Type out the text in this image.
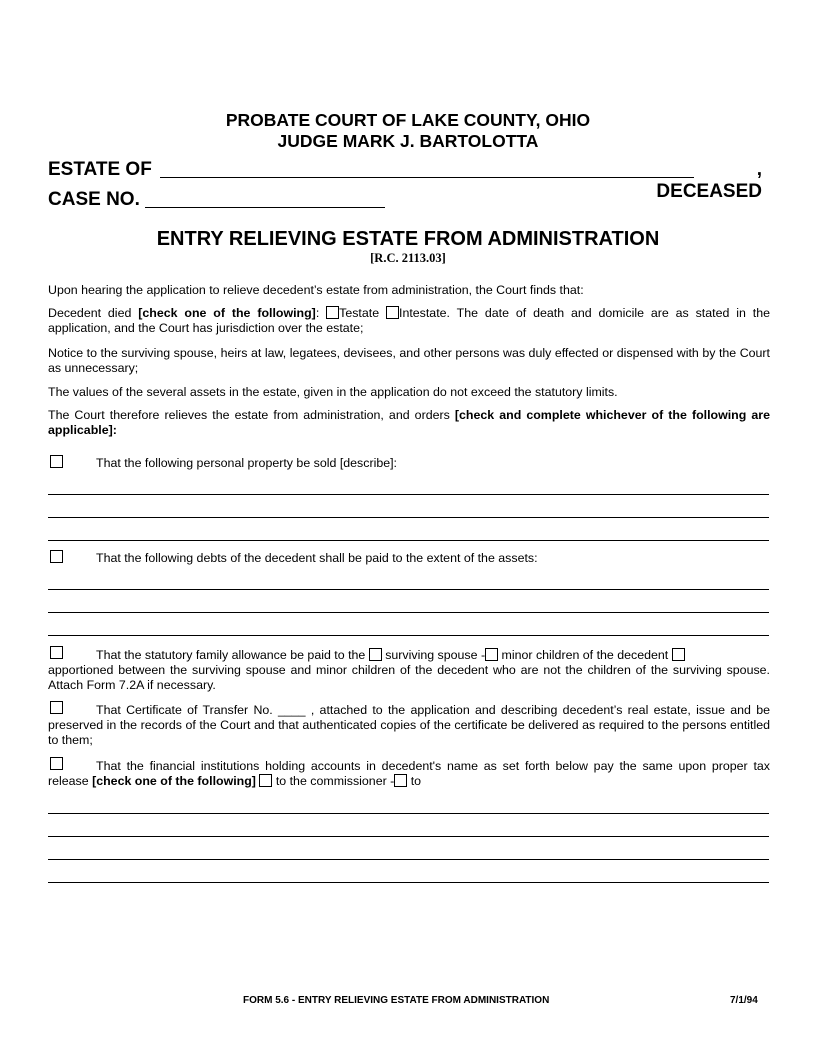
PROBATE COURT OF LAKE COUNTY, OHIO
JUDGE MARK J. BARTOLOTTA
ESTATE OF	, DECEASED
CASE NO.
ENTRY RELIEVING ESTATE FROM ADMINISTRATION
[R.C. 2113.03]
Upon hearing the application to relieve decedent’s estate from administration, the Court finds that:
Decedent died [check one of the following]: Testate Intestate. The date of death and domicile are as stated in the application, and the Court has jurisdiction over the estate;
Notice to the surviving spouse, heirs at law, legatees, devisees, and other persons was duly effected or dispensed with by the Court as unnecessary;
The values of the several assets in the estate, given in the application do not exceed the statutory limits.
The Court therefore relieves the estate from administration, and orders [check and complete whichever of the following are applicable]:
That the following personal property be sold [describe]:
That the following debts of the decedent shall be paid to the extent of the assets:
That the statutory family allowance be paid to the surviving spouse - minor children of the decedent
apportioned between the surviving spouse and minor children of the decedent who are not the children of the surviving spouse. Attach Form 7.2A if necessary.
That Certificate of Transfer No. ____ , attached to the application and describing decedent’s real estate, issue and be preserved in the records of the Court and that authenticated copies of the certificate be delivered as required to the persons entitled to them;
That the financial institutions holding accounts in decedent's name as set forth below pay the same upon proper tax release [check one of the following] to the commissioner - to
FORM 5.6 - ENTRY RELIEVING ESTATE FROM ADMINISTRATION	7/1/94
